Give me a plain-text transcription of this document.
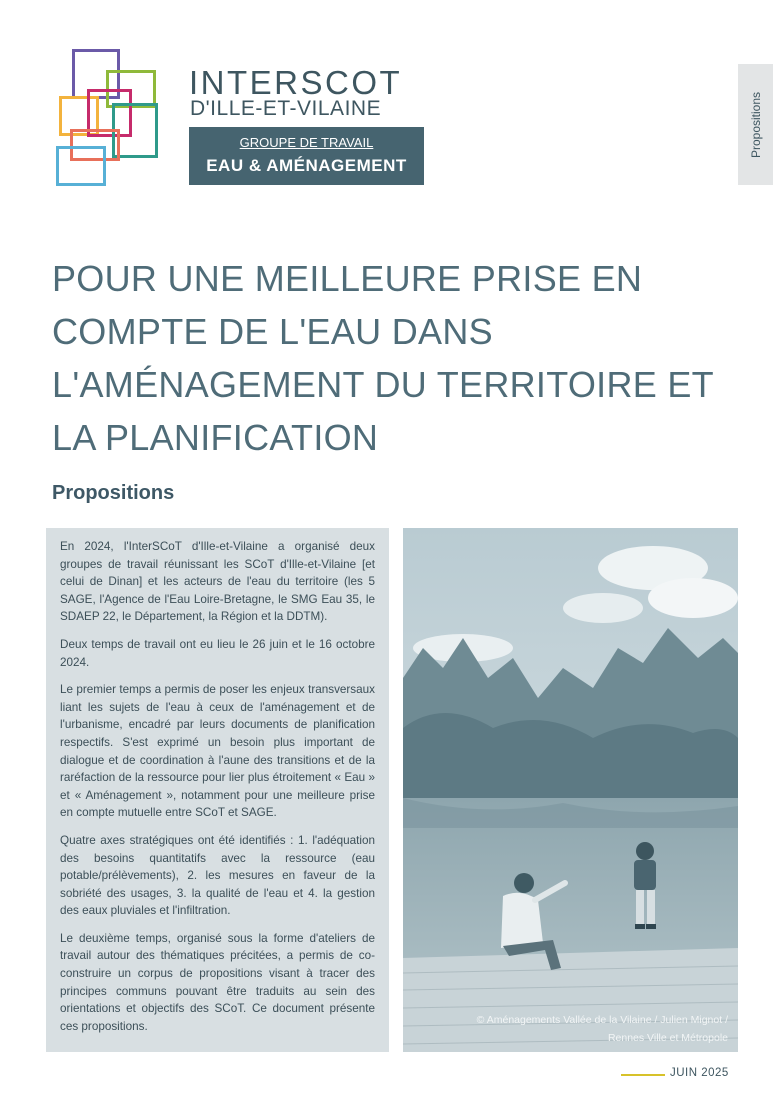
INTERSCOT
D'ILLE-ET-VILAINE
GROUPE DE TRAVAIL
EAU & AMÉNAGEMENT
Propositions
POUR UNE MEILLEURE PRISE EN COMPTE DE L'EAU DANS L'AMÉNAGEMENT DU TERRITOIRE ET LA PLANIFICATION
Propositions

En 2024, l'InterSCoT d'Ille-et-Vilaine a organisé deux groupes de travail réunissant les SCoT d'Ille-et-Vilaine [et celui de Dinan] et les acteurs de l'eau du territoire (les 5 SAGE, l'Agence de l'Eau Loire-Bretagne, le SMG Eau 35, le SDAEP 22, le Département, la Région et la DDTM).

Deux temps de travail ont eu lieu le 26 juin et le 16 octobre 2024.

Le premier temps a permis de poser les enjeux transversaux liant les sujets de l'eau à ceux de l'aménagement et de l'urbanisme, encadré par leurs documents de planification respectifs. S'est exprimé un besoin plus important de dialogue et de coordination à l'aune des transitions et de la raréfaction de la ressource pour lier plus étroitement « Eau » et « Aménagement », notamment pour une meilleure prise en compte mutuelle entre SCoT et SAGE.

Quatre axes stratégiques ont été identifiés : 1. l'adéquation des besoins quantitatifs avec la ressource (eau potable/prélèvements), 2. les mesures en faveur de la sobriété des usages, 3. la qualité de l'eau et 4. la gestion des eaux pluviales et l'infiltration.

Le deuxième temps, organisé sous la forme d'ateliers de travail autour des thématiques précitées, a permis de co-construire un corpus de propositions visant à tracer des principes communs pouvant être traduits au sein des orientations et objectifs des SCoT. Ce document présente ces propositions.	© Aménagements Vallée de la Vilaine / Julien Mignot /
Rennes Ville et Métropole
JUIN 2025
